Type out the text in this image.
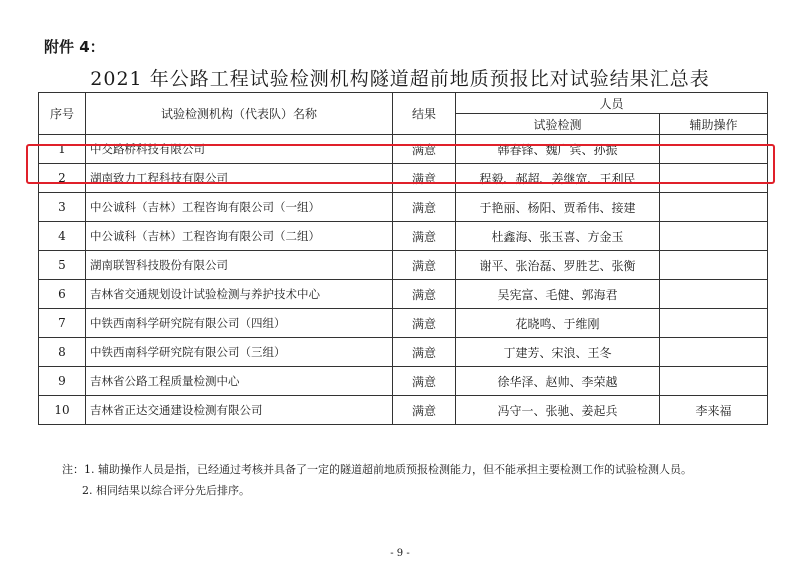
附件 4：
2021 年公路工程试验检测机构隧道超前地质预报比对试验结果汇总表
序号	试验检测机构（代表队）名称	结果	人员	
			试验检测	辅助操作
1	中交路桥科技有限公司	满意	韩春锋、魏广宾、孙振	
2	湖南致力工程科技有限公司	满意	程毅、郝超、姜继宽、王利民	
3	中公诚科（吉林）工程咨询有限公司（一组）	满意	于艳丽、杨阳、贾希伟、接建	
4	中公诚科（吉林）工程咨询有限公司（二组）	满意	杜鑫海、张玉喜、方金玉	
5	湖南联智科技股份有限公司	满意	谢平、张治磊、罗胜艺、张衡	
6	吉林省交通规划设计试验检测与养护技术中心	满意	吴宪富、毛健、郭海君	
7	中铁西南科学研究院有限公司（四组）	满意	花晓鸣、于维刚	
8	中铁西南科学研究院有限公司（三组）	满意	丁建芳、宋浪、王冬	
9	吉林省公路工程质量检测中心	满意	徐华泽、赵帅、李荣越	
10	吉林省正达交通建设检测有限公司	满意	冯守一、张驰、姜起兵	李来福
注：1. 辅助操作人员是指，已经通过考核并具备了一定的隧道超前地质预报检测能力，但不能承担主要检测工作的试验检测人员。
2. 相同结果以综合评分先后排序。
- 9 -
